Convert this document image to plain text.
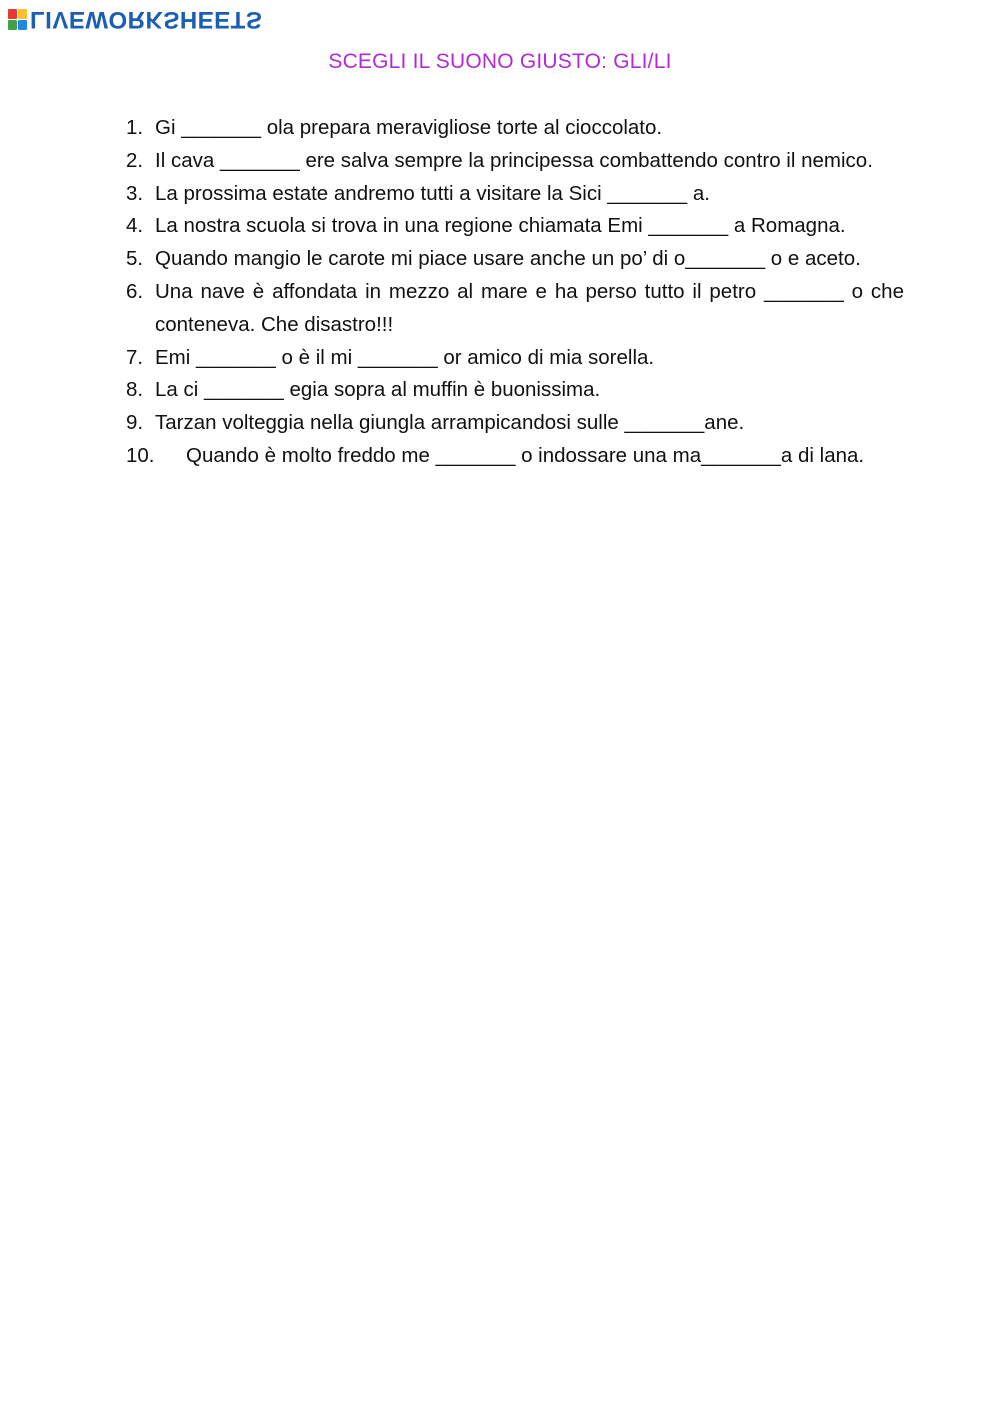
LIVEWORKSHEETS
SCEGLI IL SUONO GIUSTO: GLI/LI
1. Gi _______ ola prepara meravigliose torte al cioccolato.
2. Il cava _______ ere salva sempre la principessa combattendo contro il nemico.
3. La prossima estate andremo tutti a visitare la Sici _______ a.
4. La nostra scuola si trova in una regione chiamata Emi _______ a Romagna.
5. Quando mangio le carote mi piace usare anche un po’ di o_______ o e aceto.
6. Una nave è affondata in mezzo al mare e ha perso tutto il petro _______ o che conteneva. Che disastro!!!
7. Emi _______ o è il mi _______ or amico di mia sorella.
8. La ci _______ egia sopra al muffin è buonissima.
9. Tarzan volteggia nella giungla arrampicandosi sulle _______ane.
10. Quando è molto freddo me _______ o indossare una ma_______a di lana.
